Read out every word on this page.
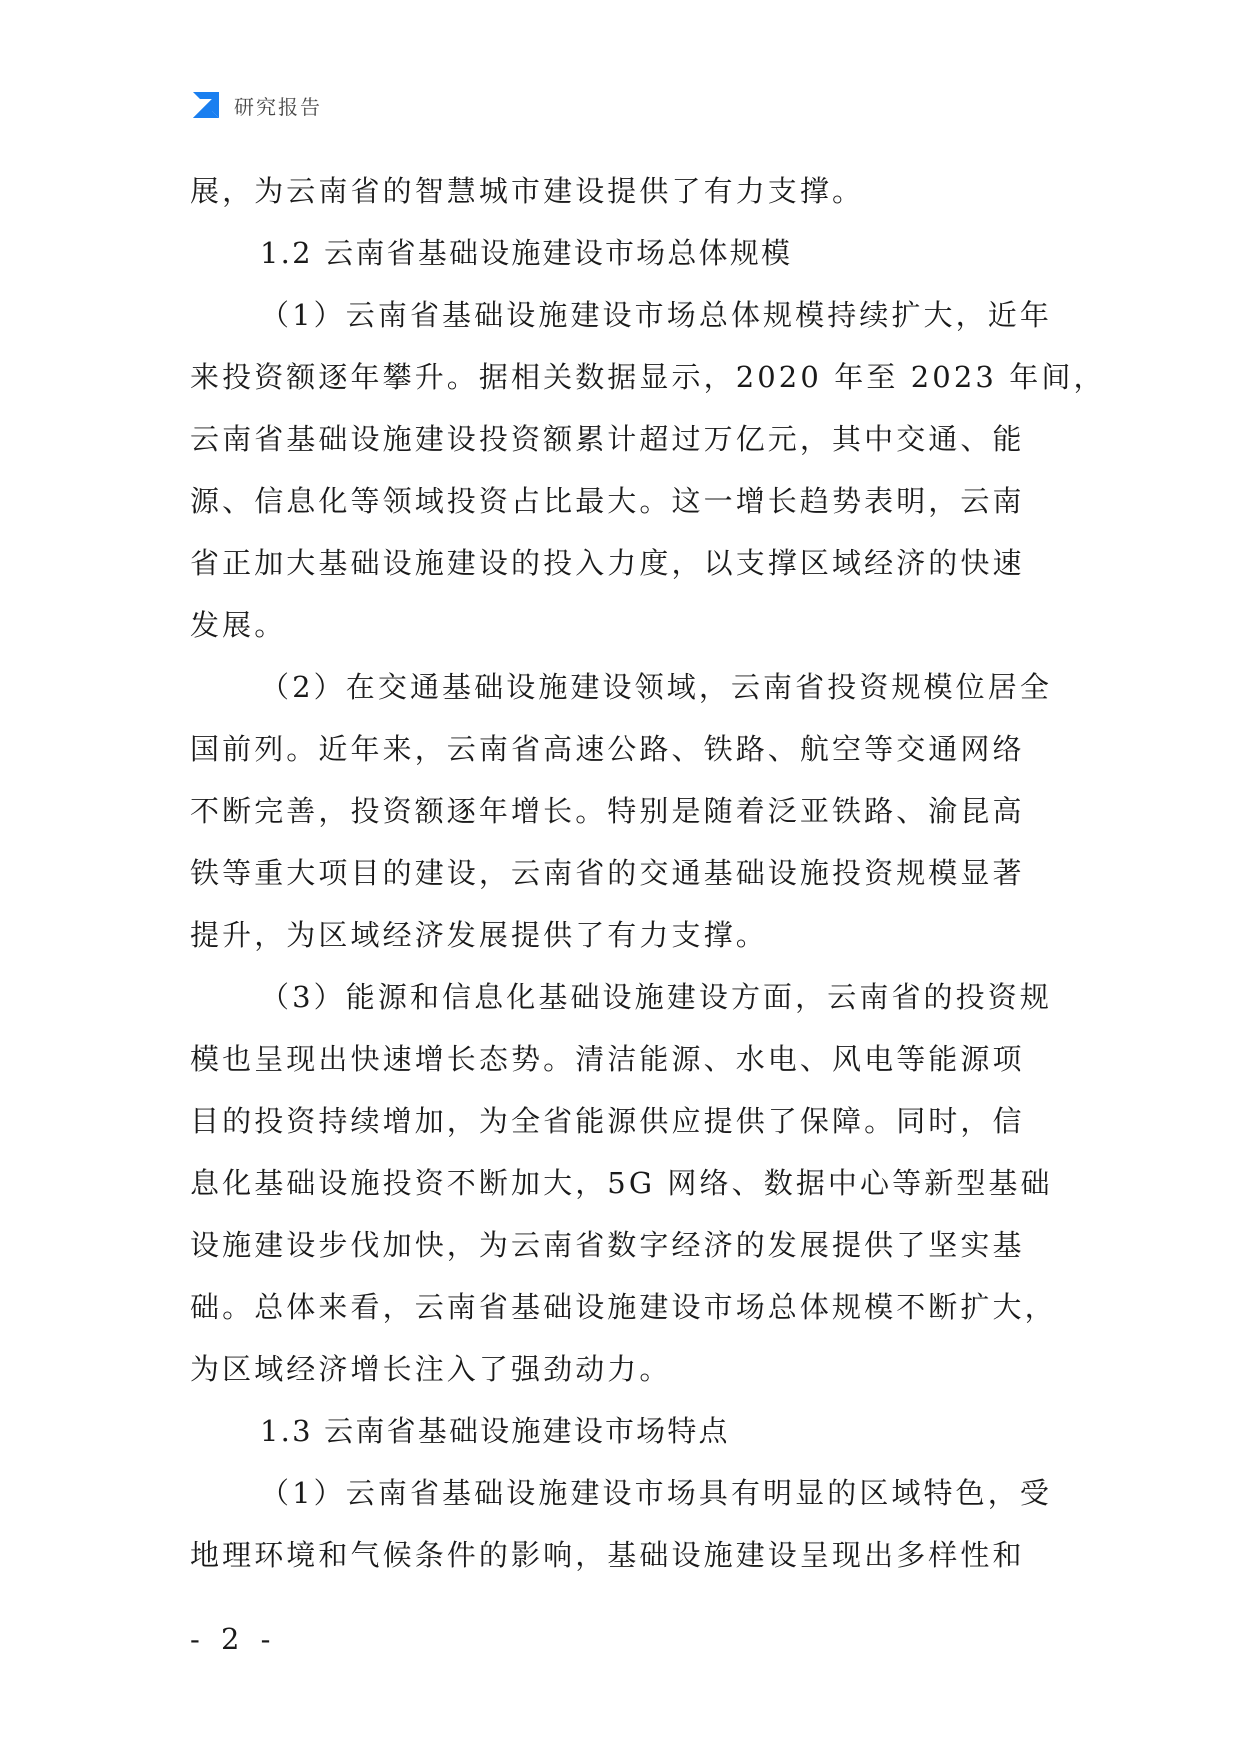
研究报告
展，为云南省的智慧城市建设提供了有力支撑。
1.2 云南省基础设施建设市场总体规模
（1）云南省基础设施建设市场总体规模持续扩大，近年
来投资额逐年攀升。据相关数据显示，2020 年至 2023 年间，
云南省基础设施建设投资额累计超过万亿元，其中交通、能
源、信息化等领域投资占比最大。这一增长趋势表明，云南
省正加大基础设施建设的投入力度，以支撑区域经济的快速
发展。
（2）在交通基础设施建设领域，云南省投资规模位居全
国前列。近年来，云南省高速公路、铁路、航空等交通网络
不断完善，投资额逐年增长。特别是随着泛亚铁路、渝昆高
铁等重大项目的建设，云南省的交通基础设施投资规模显著
提升，为区域经济发展提供了有力支撑。
（3）能源和信息化基础设施建设方面，云南省的投资规
模也呈现出快速增长态势。清洁能源、水电、风电等能源项
目的投资持续增加，为全省能源供应提供了保障。同时，信
息化基础设施投资不断加大，5G 网络、数据中心等新型基础
设施建设步伐加快，为云南省数字经济的发展提供了坚实基
础。总体来看，云南省基础设施建设市场总体规模不断扩大，
为区域经济增长注入了强劲动力。
1.3 云南省基础设施建设市场特点
（1）云南省基础设施建设市场具有明显的区域特色，受
地理环境和气候条件的影响，基础设施建设呈现出多样性和
- 2 -
